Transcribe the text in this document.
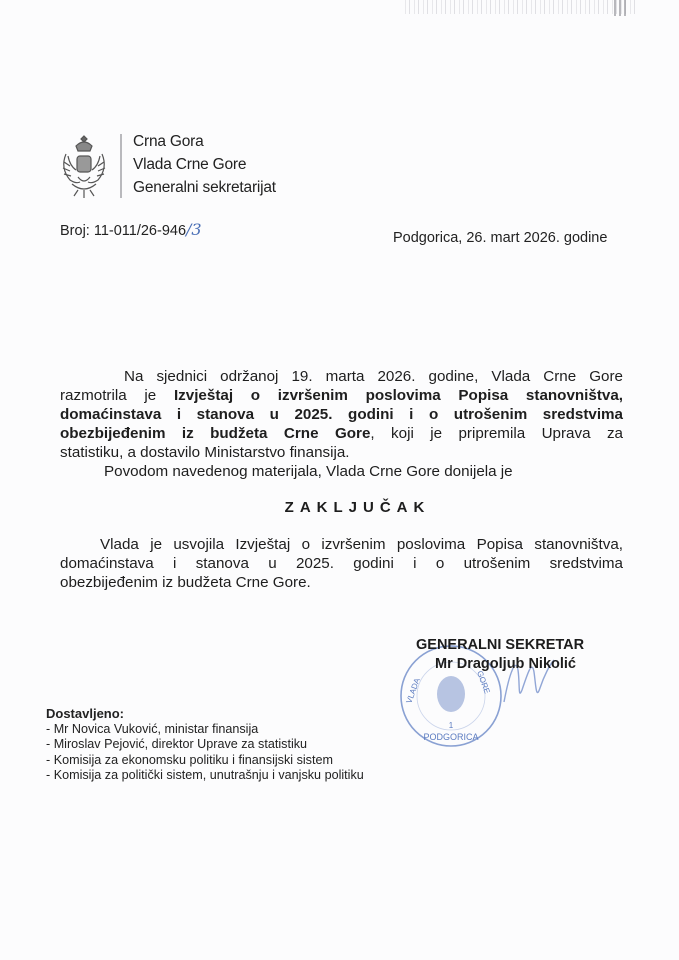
Crna Gora
Vlada Crne Gore
Generalni sekretarijat
Broj: 11-011/26-946/3	Podgorica, 26. mart 2026. godine
Na sjednici održanoj 19. marta 2026. godine, Vlada Crne Gore
razmotrila je Izvještaj o izvršenim poslovima Popisa stanovništva,
domaćinstava i stanova u 2025. godini i o utrošenim sredstvima
obezbijeđenim iz budžeta Crne Gore, koji je pripremila Uprava za
statistiku, a dostavilo Ministarstvo finansija.
Povodom navedenog materijala, Vlada Crne Gore donijela je
ZAKLJUČAK
Vlada je usvojila Izvještaj o izvršenim poslovima Popisa stanovništva,
domaćinstava i stanova u 2025. godini i o utrošenim sredstvima
obezbijeđenim iz budžeta Crne Gore.
PODGORICA
1
VLADA	GORE
GENERALNI SEKRETAR
Mr Dragoljub Nikolić
Dostavljeno:
- Mr Novica Vuković, ministar finansija
- Miroslav Pejović, direktor Uprave za statistiku
- Komisija za ekonomsku politiku i finansijski sistem
- Komisija za politički sistem, unutrašnju i vanjsku politiku
